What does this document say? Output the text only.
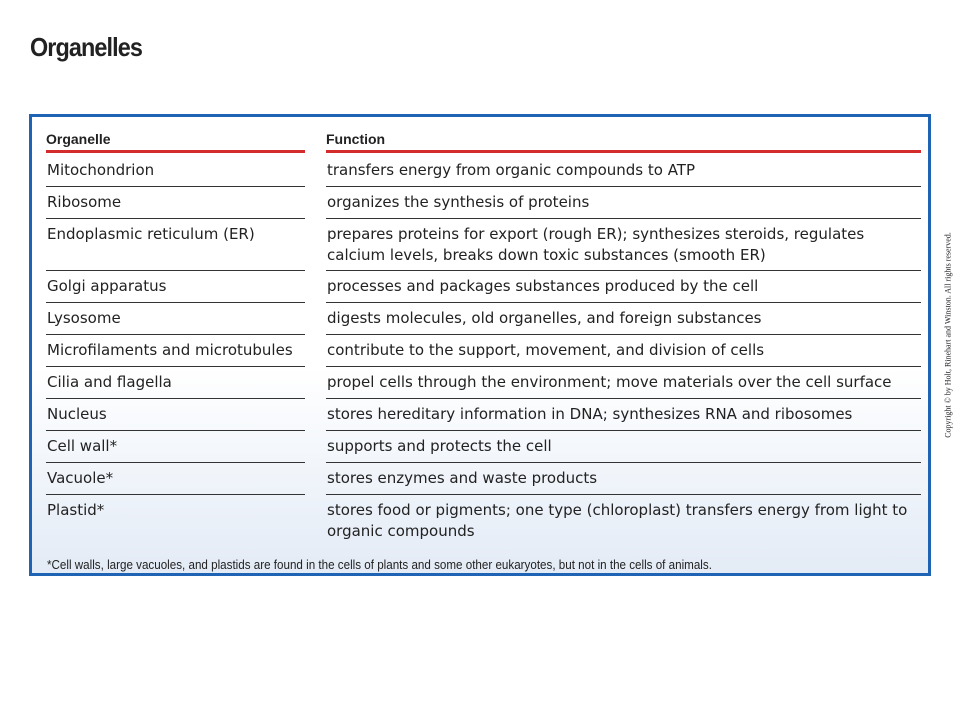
Organelles
Organelle	Function
Mitochondrion	transfers energy from organic compounds to ATP
Ribosome	organizes the synthesis of proteins
Endoplasmic reticulum (ER)	prepares proteins for export (rough ER); synthesizes steroids, regulates calcium levels, breaks down toxic substances (smooth ER)
Golgi apparatus	processes and packages substances produced by the cell
Lysosome	digests molecules, old organelles, and foreign substances
Microfilaments and microtubules	contribute to the support, movement, and division of cells
Cilia and flagella	propel cells through the environment; move materials over the cell surface
Nucleus	stores hereditary information in DNA; synthesizes RNA and ribosomes
Cell wall*	supports and protects the cell
Vacuole*	stores enzymes and waste products
Plastid*	stores food or pigments; one type (chloroplast) transfers energy from light to organic compounds
*Cell walls, large vacuoles, and plastids are found in the cells of plants and some other eukaryotes, but not in the cells of animals.
Copyright © by Holt, Rinehart and Winston. All rights reserved.
